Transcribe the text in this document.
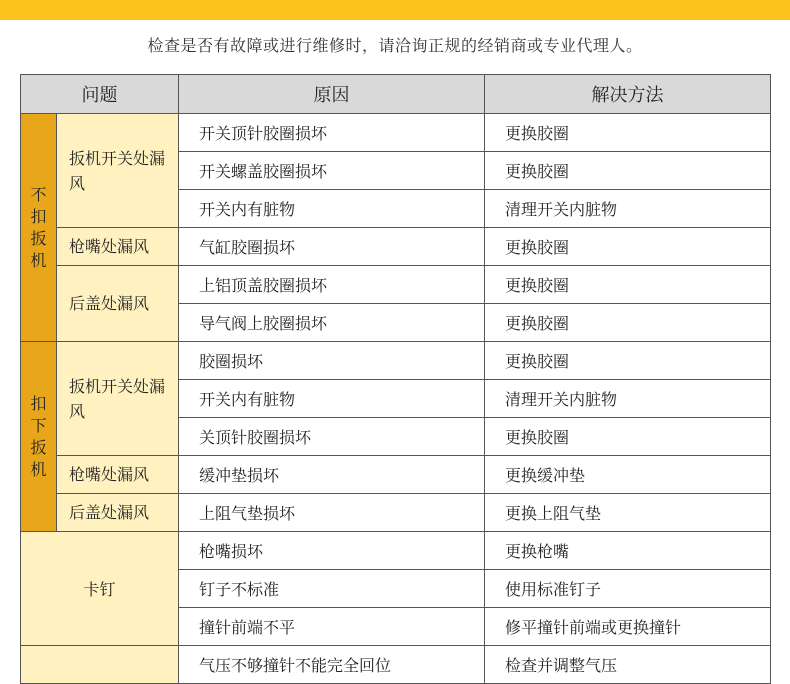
检查是否有故障或进行维修时，请洽询正规的经销商或专业代理人。
问题		原因	解决方法
不扣扳机	扳机开关处漏风	开关顶针胶圈损坏	更换胶圈
		开关螺盖胶圈损坏	更换胶圈
		开关内有脏物	清理开关内脏物
	枪嘴处漏风	气缸胶圈损坏	更换胶圈
	后盖处漏风	上铝顶盖胶圈损坏	更换胶圈
		导气阀上胶圈损坏	更换胶圈
扣下扳机	扳机开关处漏风	胶圈损坏	更换胶圈
		开关内有脏物	清理开关内脏物
		关顶针胶圈损坏	更换胶圈
	枪嘴处漏风	缓冲垫损坏	更换缓冲垫
	后盖处漏风	上阻气垫损坏	更换上阻气垫
卡钉		枪嘴损坏	更换枪嘴
		钉子不标准	使用标准钉子
		撞针前端不平	修平撞针前端或更换撞针
		气压不够撞针不能完全回位	检查并调整气压
